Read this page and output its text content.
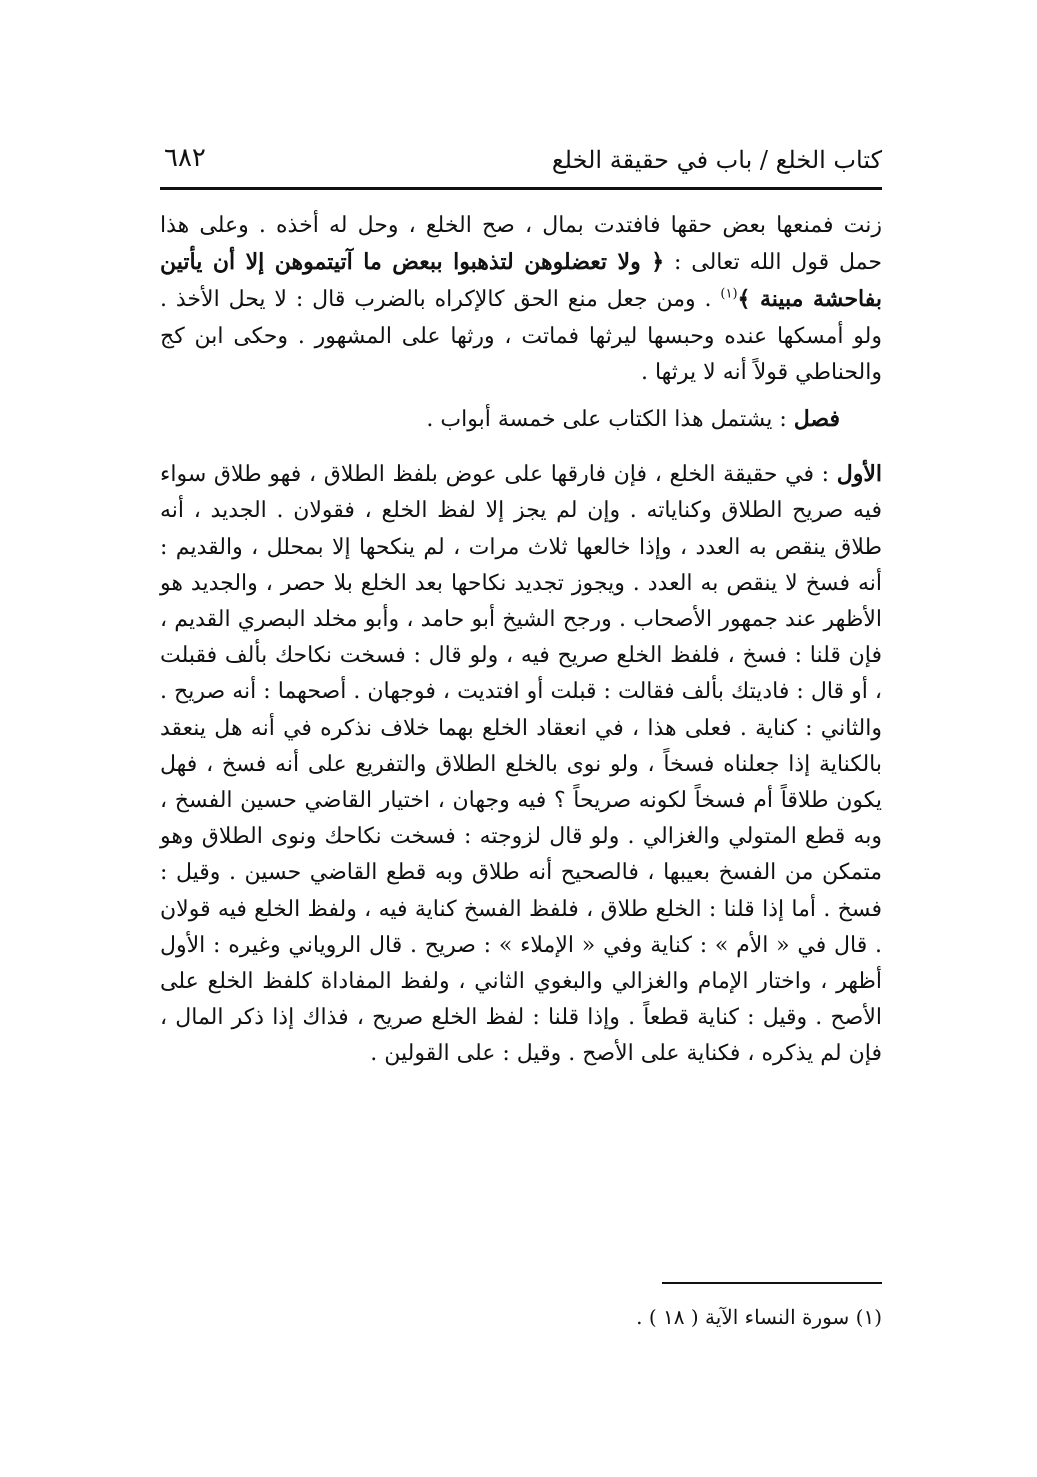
كتاب الخلع / باب في حقيقة الخلع
٦٨٢

زنت فمنعها بعض حقها فافتدت بمال ، صح الخلع ، وحل له أخذه . وعلى هذا حمل قول الله تعالى : ﴿ ولا تعضلوهن لتذهبوا ببعض ما آتيتموهن إلا أن يأتين بفاحشة مبينة ﴾$^{(١)}$ . ومن جعل منع الحق كالإكراه بالضرب قال : لا يحل الأخذ . ولو أمسكها عنده وحبسها ليرثها فماتت ، ورثها على المشهور . وحكى ابن كج والحناطي قولاً أنه لا يرثها .

فصل : يشتمل هذا الكتاب على خمسة أبواب .

الأول : في حقيقة الخلع ، فإن فارقها على عوض بلفظ الطلاق ، فهو طلاق سواء فيه صريح الطلاق وكناياته . وإن لم يجز إلا لفظ الخلع ، فقولان . الجديد ، أنه طلاق ينقص به العدد ، وإذا خالعها ثلاث مرات ، لم ينكحها إلا بمحلل ، والقديم : أنه فسخ لا ينقص به العدد . ويجوز تجديد نكاحها بعد الخلع بلا حصر ، والجديد هو الأظهر عند جمهور الأصحاب . ورجح الشيخ أبو حامد ، وأبو مخلد البصري القديم ، فإن قلنا : فسخ ، فلفظ الخلع صريح فيه ، ولو قال : فسخت نكاحك بألف فقبلت ، أو قال : فاديتك بألف فقالت : قبلت أو افتديت ، فوجهان . أصحهما : أنه صريح . والثاني : كناية . فعلى هذا ، في انعقاد الخلع بهما خلاف نذكره في أنه هل ينعقد بالكناية إذا جعلناه فسخاً ، ولو نوى بالخلع الطلاق والتفريع على أنه فسخ ، فهل يكون طلاقاً أم فسخاً لكونه صريحاً ؟ فيه وجهان ، اختيار القاضي حسين الفسخ ، وبه قطع المتولي والغزالي . ولو قال لزوجته : فسخت نكاحك ونوى الطلاق وهو متمكن من الفسخ بعيبها ، فالصحيح أنه طلاق وبه قطع القاضي حسين . وقيل : فسخ . أما إذا قلنا : الخلع طلاق ، فلفظ الفسخ كناية فيه ، ولفظ الخلع فيه قولان . قال في « الأم » : كناية وفي « الإملاء » : صريح . قال الروياني وغيره : الأول أظهر ، واختار الإمام والغزالي والبغوي الثاني ، ولفظ المفاداة كلفظ الخلع على الأصح . وقيل : كناية قطعاً . وإذا قلنا : لفظ الخلع صريح ، فذاك إذا ذكر المال ، فإن لم يذكره ، فكناية على الأصح . وقيل : على القولين .

(١) سورة النساء الآية ( ١٨ ) .
